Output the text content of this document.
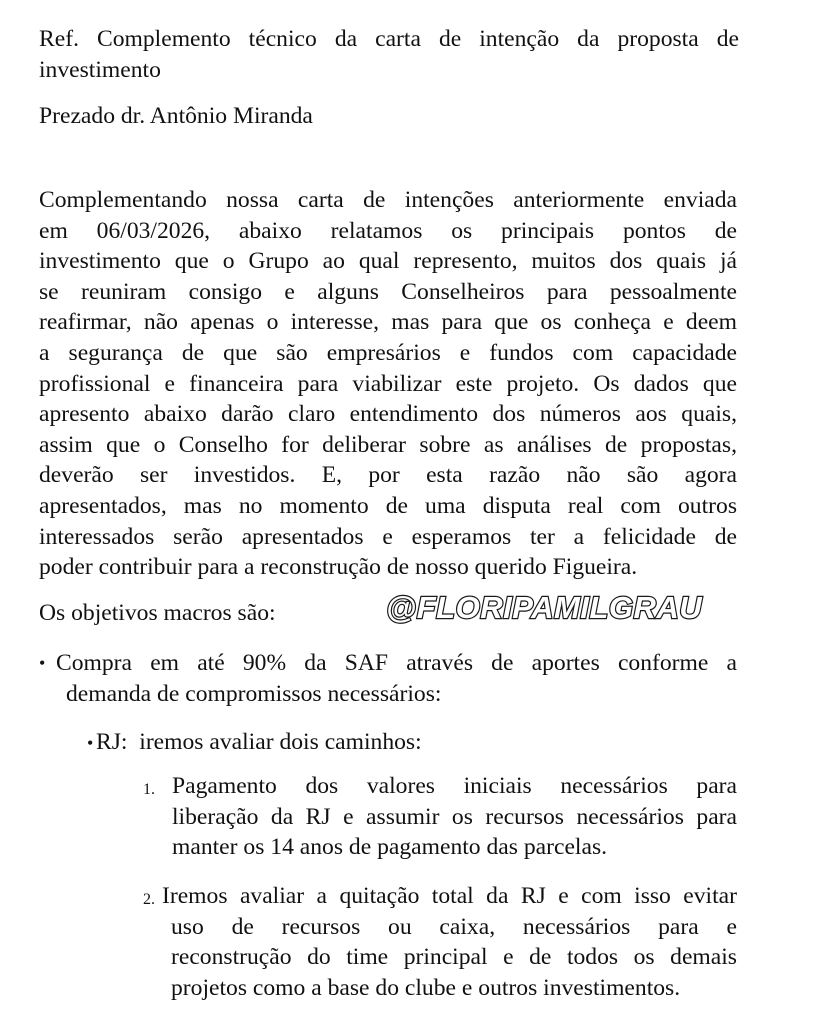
Ref. Complemento técnico da carta de intenção da proposta de
investimento
Prezado dr. Antônio Miranda
Complementando nossa carta de intenções anteriormente enviada
em 06/03/2026, abaixo relatamos os principais pontos de
investimento que o Grupo ao qual represento, muitos dos quais já
se reuniram consigo e alguns Conselheiros para pessoalmente
reafirmar, não apenas o interesse, mas para que os conheça e deem
a segurança de que são empresários e fundos com capacidade
profissional e financeira para viabilizar este projeto. Os dados que
apresento abaixo darão claro entendimento dos números aos quais,
assim que o Conselho for deliberar sobre as análises de propostas,
deverão ser investidos. E, por esta razão não são agora
apresentados, mas no momento de uma disputa real com outros
interessados serão apresentados e esperamos ter a felicidade de
poder contribuir para a reconstrução de nosso querido Figueira.
Os objetivos macros são:	@FLORIPAMILGRAU
• Compra em até 90% da SAF através de aportes conforme a
demanda de compromissos necessários:
• RJ:  iremos avaliar dois caminhos:
1. Pagamento dos valores iniciais necessários para
liberação da RJ e assumir os recursos necessários para
manter os 14 anos de pagamento das parcelas.
2. Iremos avaliar a quitação total da RJ e com isso evitar
uso de recursos ou caixa, necessários para e
reconstrução do time principal e de todos os demais
projetos como a base do clube e outros investimentos.
